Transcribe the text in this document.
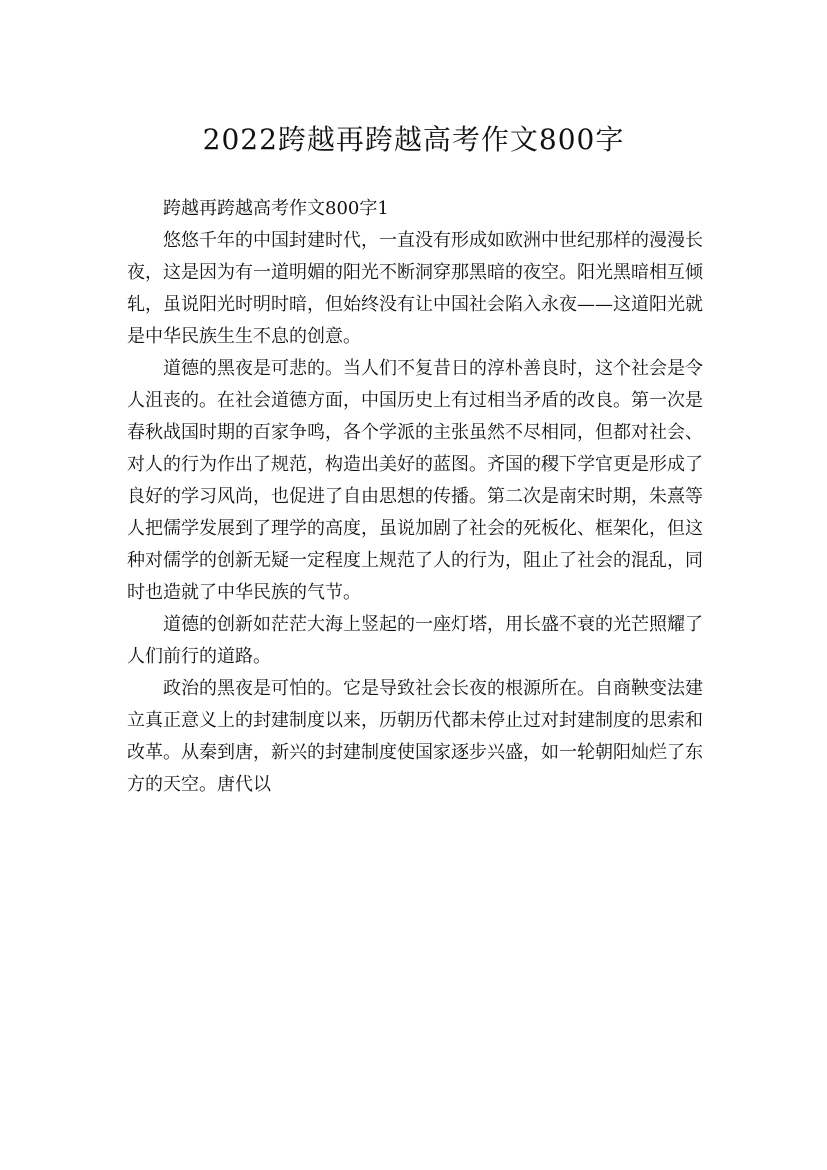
2022跨越再跨越高考作文800字

跨越再跨越高考作文800字1

悠悠千年的中国封建时代，一直没有形成如欧洲中世纪那样的漫漫长夜，这是因为有一道明媚的阳光不断洞穿那黑暗的夜空。阳光黑暗相互倾轧，虽说阳光时明时暗，但始终没有让中国社会陷入永夜——这道阳光就是中华民族生生不息的创意。

道德的黑夜是可悲的。当人们不复昔日的淳朴善良时，这个社会是令人沮丧的。在社会道德方面，中国历史上有过相当矛盾的改良。第一次是春秋战国时期的百家争鸣，各个学派的主张虽然不尽相同，但都对社会、对人的行为作出了规范，构造出美好的蓝图。齐国的稷下学官更是形成了良好的学习风尚，也促进了自由思想的传播。第二次是南宋时期，朱熹等人把儒学发展到了理学的高度，虽说加剧了社会的死板化、框架化，但这种对儒学的创新无疑一定程度上规范了人的行为，阻止了社会的混乱，同时也造就了中华民族的气节。

道德的创新如茫茫大海上竖起的一座灯塔，用长盛不衰的光芒照耀了人们前行的道路。

政治的黑夜是可怕的。它是导致社会长夜的根源所在。自商鞅变法建立真正意义上的封建制度以来，历朝历代都未停止过对封建制度的思索和改革。从秦到唐，新兴的封建制度使国家逐步兴盛，如一轮朝阳灿烂了东方的天空。唐代以
